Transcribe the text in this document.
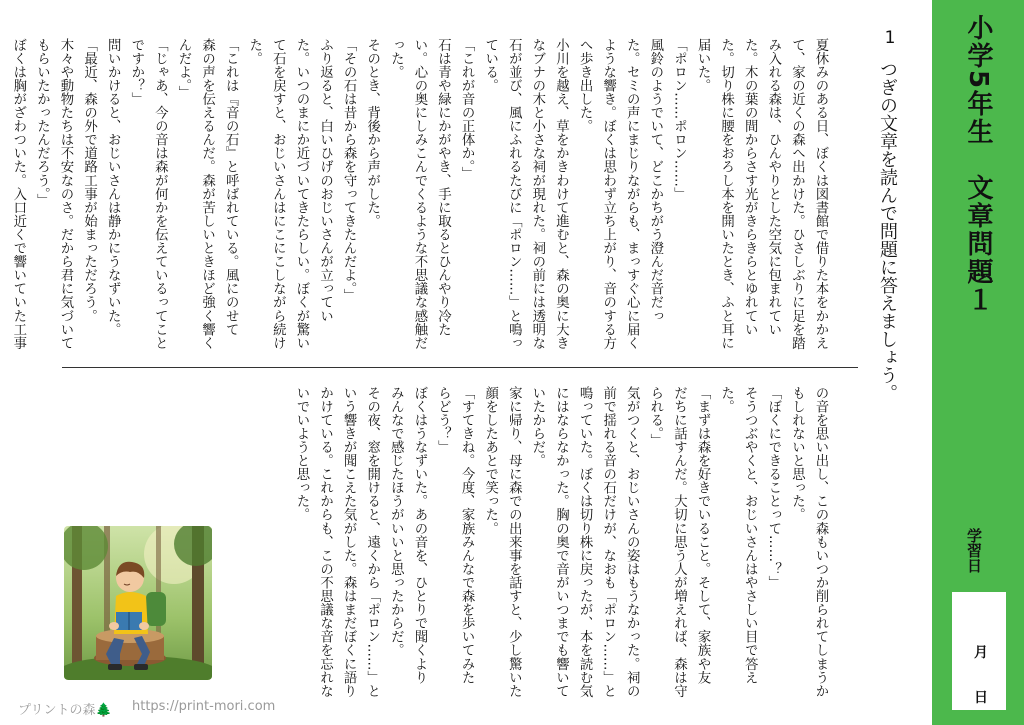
小学5年生　文章問題１
学習日
月
日
1
つぎの文章を読んで問題に答えましょう。

夏休みのある日、ぼくは図書館で借りた本をかかえ

て、家の近くの森へ出かけた。ひさしぶりに足を踏

み入れる森は、ひんやりとした空気に包まれてい

た。木の葉の間からさす光がきらきらとゆれてい

た。切り株に腰をおろし本を開いたとき、ふと耳に

届いた。

「ポロン……ポロン……」

風鈴のようでいて、どこかちがう澄んだ音だっ

た。セミの声にまじりながらも、まっすぐ心に届く

ような響き。ぼくは思わず立ち上がり、音のする方

へ歩き出した。

小川を越え、草をかきわけて進むと、森の奥に大き

なブナの木と小さな祠が現れた。祠の前には透明な

石が並び、風にふれるたびに「ポロン……」と鳴っ

ている。

「これが音の正体か。」

石は青や緑にかがやき、手に取るとひんやり冷た

い。心の奥にしみこんでくるような不思議な感触だ

った。

そのとき、背後から声がした。

「その石は昔から森を守ってきたんだよ。」

ふり返ると、白いひげのおじいさんが立ってい

た。いつのまにか近づいてきたらしい。ぼくが驚い

て石を戻すと、おじいさんはにこにこしながら続け

た。

「これは『音の石』と呼ばれている。風にのせて

森の声を伝えるんだ。森が苦しいときほど強く響く

んだよ。」

「じゃあ、今の音は森が何かを伝えているってこと

ですか？」

問いかけると、おじいさんは静かにうなずいた。

「最近、森の外で道路工事が始まっただろう。

木々や動物たちは不安なのさ。だから君に気づいて

もらいたかったんだろう。」

ぼくは胸がざわついた。入口近くで響いていた工事

の音を思い出し、この森もいつか削られてしまうか

もしれないと思った。

「ぼくにできることって……？」

そうつぶやくと、おじいさんはやさしい目で答え

た。

「まずは森を好きでいること。そして、家族や友

だちに話すんだ。大切に思う人が増えれば、森は守

られる。」

気がつくと、おじいさんの姿はもうなかった。祠の

前で揺れる音の石だけが、なおも「ポロン……」と

鳴っていた。ぼくは切り株に戻ったが、本を読む気

にはならなかった。胸の奥で音がいつまでも響いて

いたからだ。

家に帰り、母に森での出来事を話すと、少し驚いた

顔をしたあとで笑った。

「すてきね。今度、家族みんなで森を歩いてみた

らどう？」

ぼくはうなずいた。あの音を、ひとりで聞くより

みんなで感じたほうがいいと思ったからだ。

その夜、窓を開けると、遠くから「ポロン……」と

いう響きが聞こえた気がした。森はまだぼくに語り

かけている。これからも、この不思議な音を忘れな

いでいようと思った。

プリントの森🌲 https://print-mori.com
